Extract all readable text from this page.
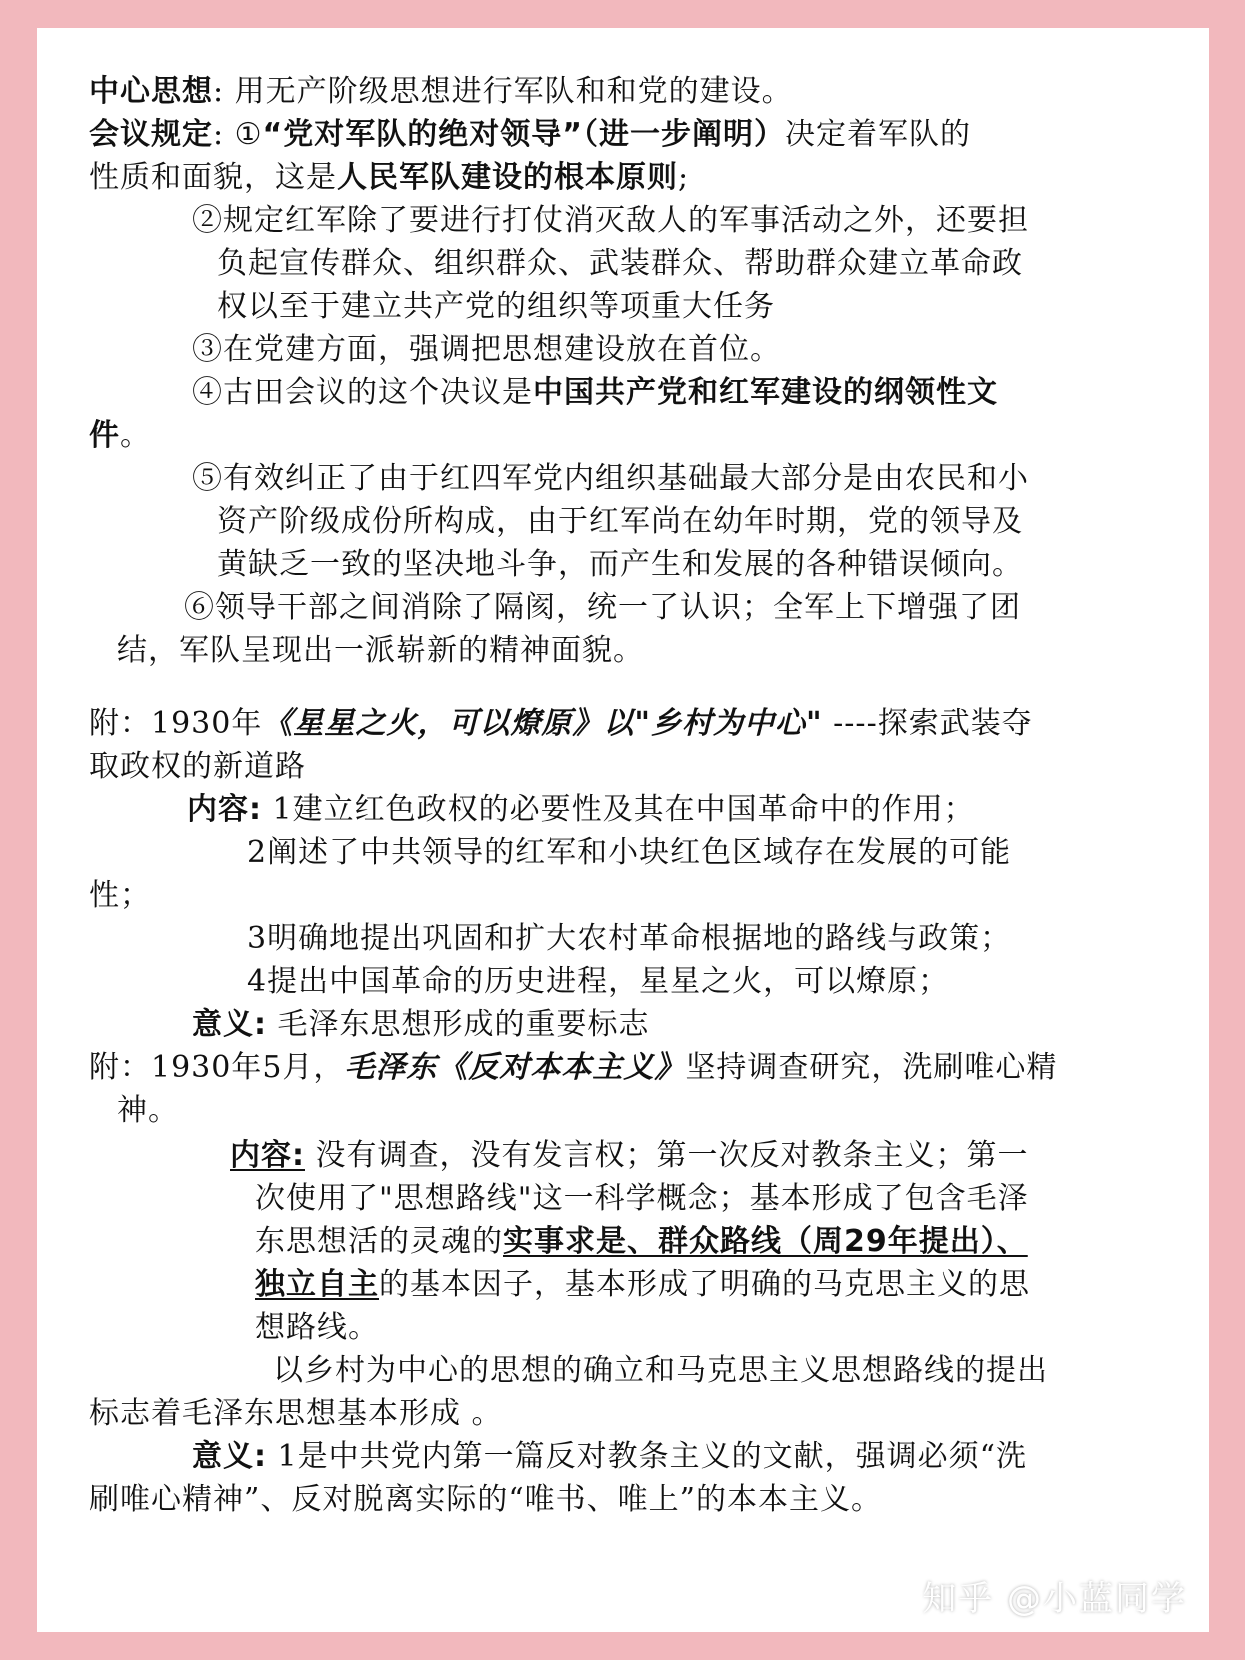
中心思想: 用无产阶级思想进行军队和和党的建设。
会议规定: ①“党对军队的绝对领导”（进一步阐明）决定着军队的
性质和面貌，这是人民军队建设的根本原则;
②规定红军除了要进行打仗消灭敌人的军事活动之外，还要担
负起宣传群众、组织群众、武装群众、帮助群众建立革命政
权以至于建立共产党的组织等项重大任务
③在党建方面，强调把思想建设放在首位。
④古田会议的这个决议是中国共产党和红军建设的纲领性文
件。
⑤有效纠正了由于红四军党内组织基础最大部分是由农民和小
资产阶级成份所构成，由于红军尚在幼年时期，党的领导及
黄缺乏一致的坚决地斗争，而产生和发展的各种错误倾向。
⑥领导干部之间消除了隔阂，统一了认识；全军上下增强了团
结，军队呈现出一派崭新的精神面貌。
附：1930年《星星之火，可以燎原》以"乡村为中心" ----探索武装夺
取政权的新道路
内容: 1建立红色政权的必要性及其在中国革命中的作用；
2阐述了中共领导的红军和小块红色区域存在发展的可能
性；
3明确地提出巩固和扩大农村革命根据地的路线与政策；
4提出中国革命的历史进程，星星之火，可以燎原；
意义: 毛泽东思想形成的重要标志
附：1930年5月，毛泽东《反对本本主义》坚持调查研究，洗刷唯心精
神。
内容: 没有调查，没有发言权；第一次反对教条主义；第一
次使用了"思想路线"这一科学概念；基本形成了包含毛泽
东思想活的灵魂的实事求是、群众路线（周29年提出）、
独立自主的基本因子，基本形成了明确的马克思主义的思
想路线。
以乡村为中心的思想的确立和马克思主义思想路线的提出
标志着毛泽东思想基本形成 。
意义: 1是中共党内第一篇反对教条主义的文献，强调必须“洗
刷唯心精神”、反对脱离实际的“唯书、唯上”的本本主义。
知乎 @小蓝同学
